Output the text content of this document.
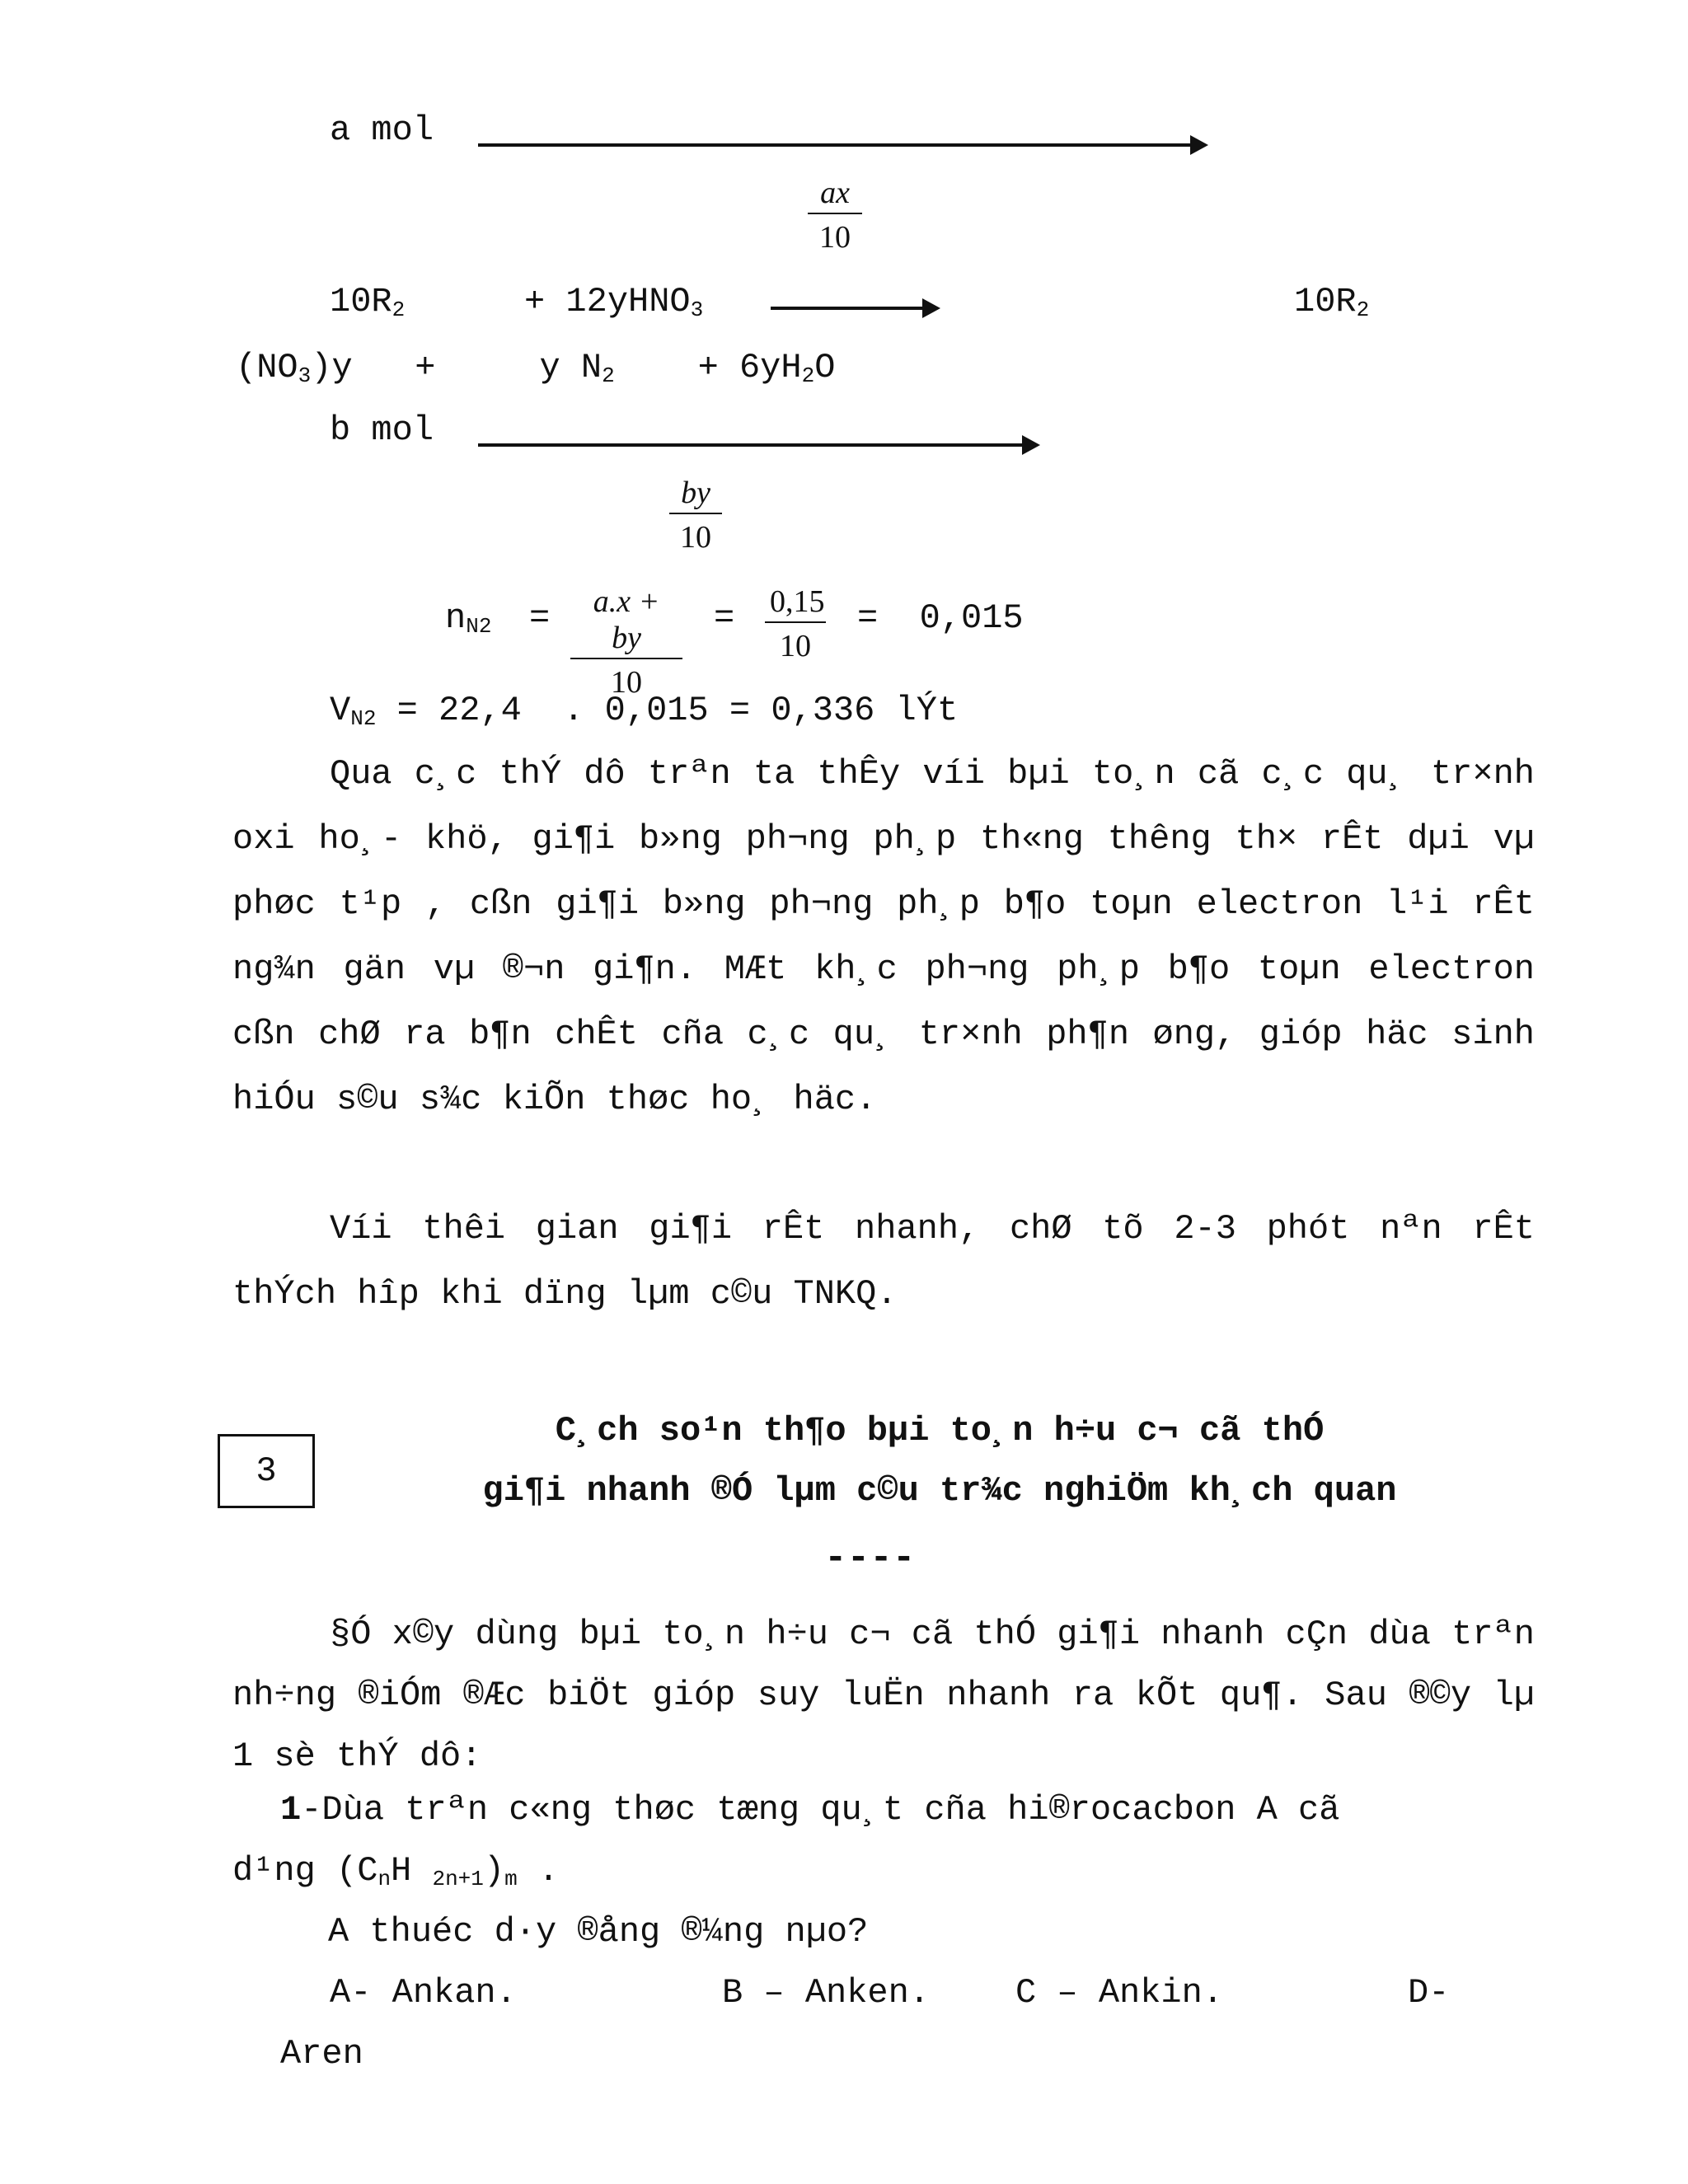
a mol
ax
10
$10R_2$	+ 12yHNO$_3$	$10R_2$
$(NO_3)y$   +	y $N_2 + 6yH_2O$
b mol
by
10
$n_{N2}$ =	a.x + by
10
= 0,15
10
=  0,015
$V_{N2} = 22,4$  . 0,015 = 0,336 lÝt
Qua c¸c thÝ dô trªn ta thÊy víi bµi to¸n cã c¸c qu¸ tr×nh oxi ho¸- khö, gi¶i b»ng ph¬ng ph¸p th«ng thêng th× rÊt dµi vµ phøc t¹p , cßn gi¶i b»ng ph¬ng ph¸p b¶o toµn electron l¹i rÊt ng¾n gän vµ ®¬n gi¶n. MÆt kh¸c ph¬ng ph¸p b¶o toµn electron cßn chØ ra b¶n chÊt cña c¸c qu¸ tr×nh ph¶n øng, gióp häc sinh hiÓu s©u s¾c kiÕn thøc ho¸ häc.
Víi thêi gian gi¶i rÊt nhanh, chØ tõ 2-3 phót nªn rÊt thÝch hîp khi dïng lµm c©u TNKQ.
3
C¸ch so¹n th¶o bµi to¸n h÷u c¬ cã thÓ
gi¶i nhanh ®Ó lµm c©u tr¾c nghiÖm kh¸ch quan
----
§Ó x©y dùng bµi to¸n h÷u c¬ cã thÓ gi¶i nhanh cÇn dùa trªn nh÷ng ®iÓm ®Æc biÖt gióp suy luËn nhanh ra kÕt qu¶. Sau ®©y lµ 1 sè thÝ dô:
1-Dùa trªn c«ng thøc tæng qu¸t cña hi®rocacbon A cã
d¹ng ($C_nH$ $_{2n+1})_m$ .
A thuéc d·y ®ång ®¼ng nµo?
A- Ankan.	B – Anken. C – Ankin.	D-
Aren
